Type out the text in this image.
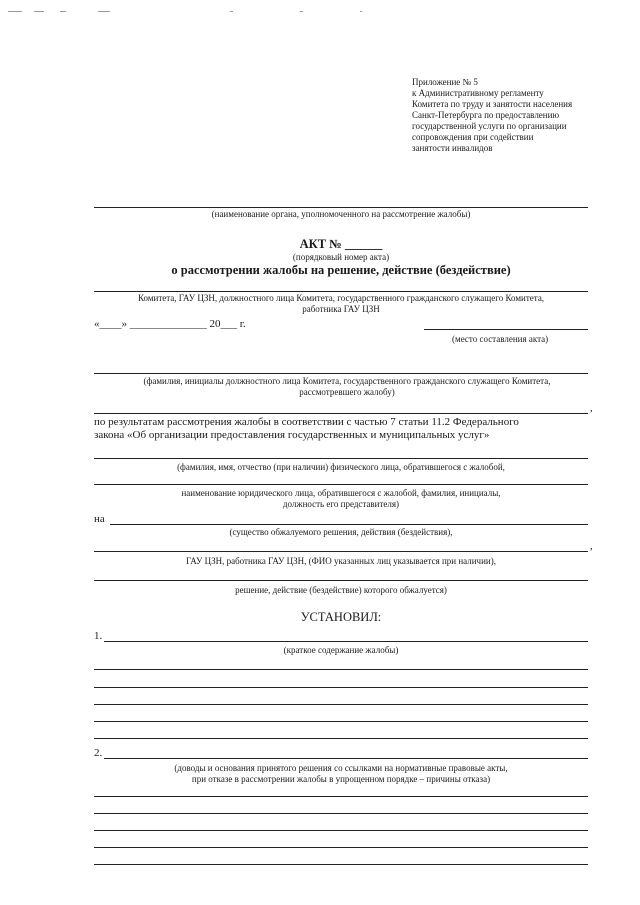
Приложение № 5
к Административному регламенту
Комитета по труду и занятости населения
Санкт-Петербурга по предоставлению
государственной услуги по организации
сопровождения при содействии
занятости инвалидов
(наименование органа, уполномоченного на рассмотрение жалобы)
АКТ № ______
(порядковый номер акта)
о рассмотрении жалобы на решение, действие (бездействие)
Комитета, ГАУ ЦЗН, должностного лица Комитета, государственного гражданского служащего Комитета,
работника ГАУ ЦЗН
«____» ______________ 20___ г.
(место составления акта)
(фамилия, инициалы должностного лица Комитета, государственного гражданского служащего Комитета,
рассмотревшего жалобу)
,
по результатам рассмотрения жалобы в соответствии с частью 7 статьи 11.2 Федерального
закона «Об организации предоставления государственных и муниципальных услуг»
(фамилия, имя, отчество (при наличии) физического лица, обратившегося с жалобой,
наименование юридического лица, обратившегося с жалобой, фамилия, инициалы,
должность его представителя)
на
(существо обжалуемого решения, действия (бездействия),
,
ГАУ ЦЗН, работника ГАУ ЦЗН, (ФИО указанных лиц указывается при наличии),
решение, действие (бездействие) которого обжалуется)
УСТАНОВИЛ:
1.
(краткое содержание жалобы)
2.
(доводы и основания принятого решения со ссылками на нормативные правовые акты,
при отказе в рассмотрении жалобы в упрощенном порядке – причины отказа)
